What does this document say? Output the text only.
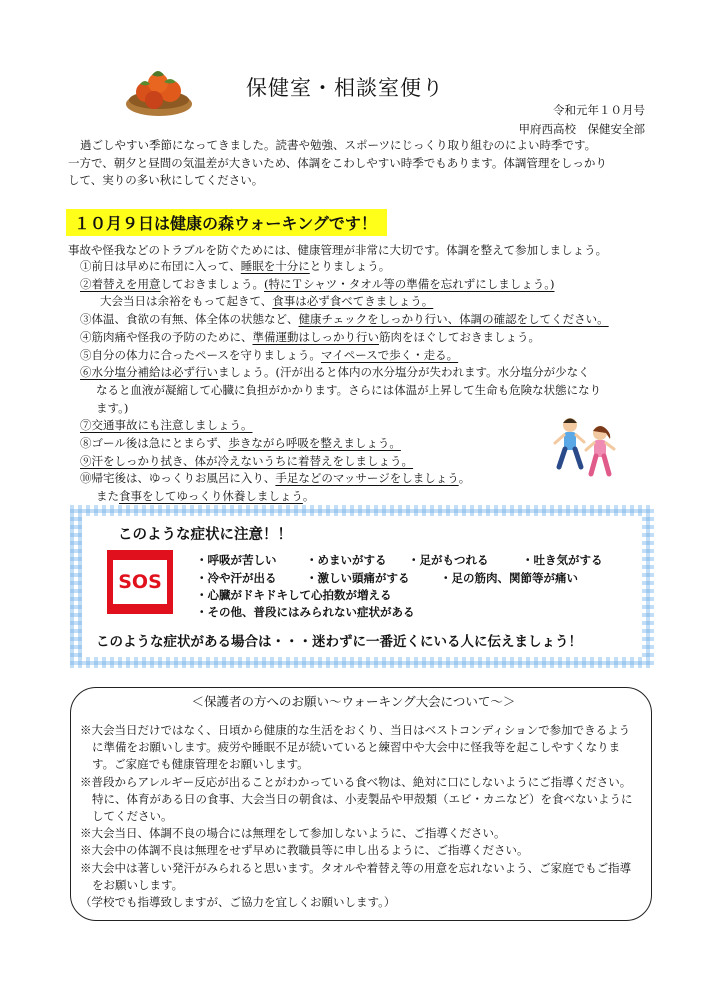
保健室・相談室便り
令和元年１０月号
甲府西高校　保健安全部
過ごしやすい季節になってきました。読書や勉強、スポーツにじっくり取り組むのによい時季です。
一方で、朝夕と昼間の気温差が大きいため、体調をこわしやすい時季でもあります。体調管理をしっかり
して、実りの多い秋にしてください。
１０月９日は健康の森ウォーキングです！
事故や怪我などのトラブルを防ぐためには、健康管理が非常に大切です。体調を整えて参加しましょう。
①前日は早めに布団に入って、睡眠を十分にとりましょう。
②着替えを用意しておきましょう。(特にＴシャツ・タオル等の準備を忘れずにしましょう。)
大会当日は余裕をもって起きて、食事は必ず食べてきましょう。
③体温、食欲の有無、体全体の状態など、健康チェックをしっかり行い、体調の確認をしてください。
④筋肉痛や怪我の予防のために、準備運動はしっかり行い筋肉をほぐしておきましょう。
⑤自分の体力に合ったペースを守りましょう。マイペースで歩く・走る。
⑥水分塩分補給は必ず行いましょう。(汗が出ると体内の水分塩分が失われます。水分塩分が少なく
なると血液が凝縮して心臓に負担がかかります。さらには体温が上昇して生命も危険な状態になり
ます。)
⑦交通事故にも注意しましょう。
⑧ゴール後は急にとまらず、歩きながら呼吸を整えましょう。
⑨汗をしっかり拭き、体が冷えないうちに着替えをしましょう。
⑩帰宅後は、ゆっくりお風呂に入り、手足などのマッサージをしましょう。
また食事をしてゆっくり休養しましょう。
このような症状に注意！！
SOS
・呼吸が苦しい	・めまいがする ・足がもつれる	・吐き気がする
・冷や汗が出る	・激しい頭痛がする	・足の筋肉、関節等が痛い
・心臓がドキドキして心拍数が増える
・その他、普段にはみられない症状がある
このような症状がある場合は・・・迷わずに一番近くにいる人に伝えましょう！
＜保護者の方へのお願い～ウォーキング大会について～＞
※大会当日だけではなく、日頃から健康的な生活をおくり、当日はベストコンディションで参加できるように準備をお願いします。疲労や睡眠不足が続いていると練習中や大会中に怪我等を起こしやすくなります。ご家庭でも健康管理をお願いします。
※普段からアレルギー反応が出ることがわかっている食べ物は、絶対に口にしないようにご指導ください。特に、体育がある日の食事、大会当日の朝食は、小麦製品や甲殻類（エビ・カニなど）を食べないようにしてください。
※大会当日、体調不良の場合には無理をして参加しないように、ご指導ください。
※大会中の体調不良は無理をせず早めに教職員等に申し出るように、ご指導ください。
※大会中は著しい発汗がみられると思います。タオルや着替え等の用意を忘れないよう、ご家庭でもご指導をお願いします。
（学校でも指導致しますが、ご協力を宜しくお願いします。）
